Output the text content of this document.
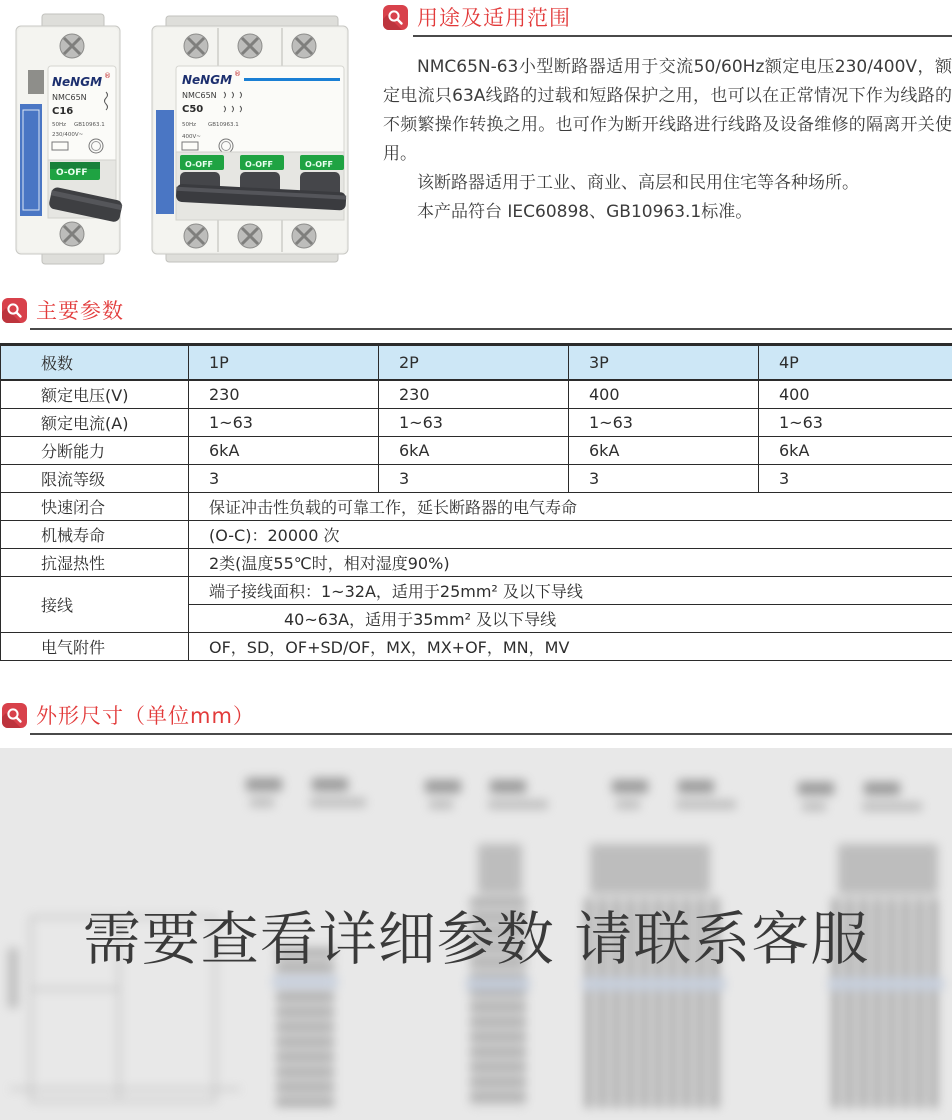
NeNGM ®
NMC65N
C16
50Hz GB10963.1
230/400V~
O-OFF
NeNGM ®
NMC65N
C50
50Hz GB10963.1
400V~
O-OFF	O-OFF	O-OFF
用途及适用范围

NMC65N-63小型断路器适用于交流50/60Hz额定电压230/400V，额定电流只63A线路的过载和短路保护之用，也可以在正常情况下作为线路的不频繁操作转换之用。也可作为断开线路进行线路及设备维修的隔离开关使用。

该断路器适用于工业、商业、高层和民用住宅等各种场所。

本产品符台 IEC60898、GB10963.1标准。

主要参数
极数	1P	2P	3P	4P
额定电压(V)	230	230	400	400
额定电流(A)	1~63	1~63	1~63	1~63
分断能力	6kA	6kA	6kA	6kA
限流等级	3	3	3	3
快速闭合	保证冲击性负载的可靠工作，延长断路器的电气寿命			
机械寿命	(O-C)：20000 次			
抗湿热性	2类(温度55℃时，相对湿度90%)			
接线	端子接线面积：1~32A，适用于25mm² 及以下导线			
	40~63A，适用于35mm² 及以下导线			
电气附件	OF，SD，OF+SD/OF，MX，MX+OF，MN，MV			
外形尺寸（单位mm）
需要查看详细参数 请联系客服
